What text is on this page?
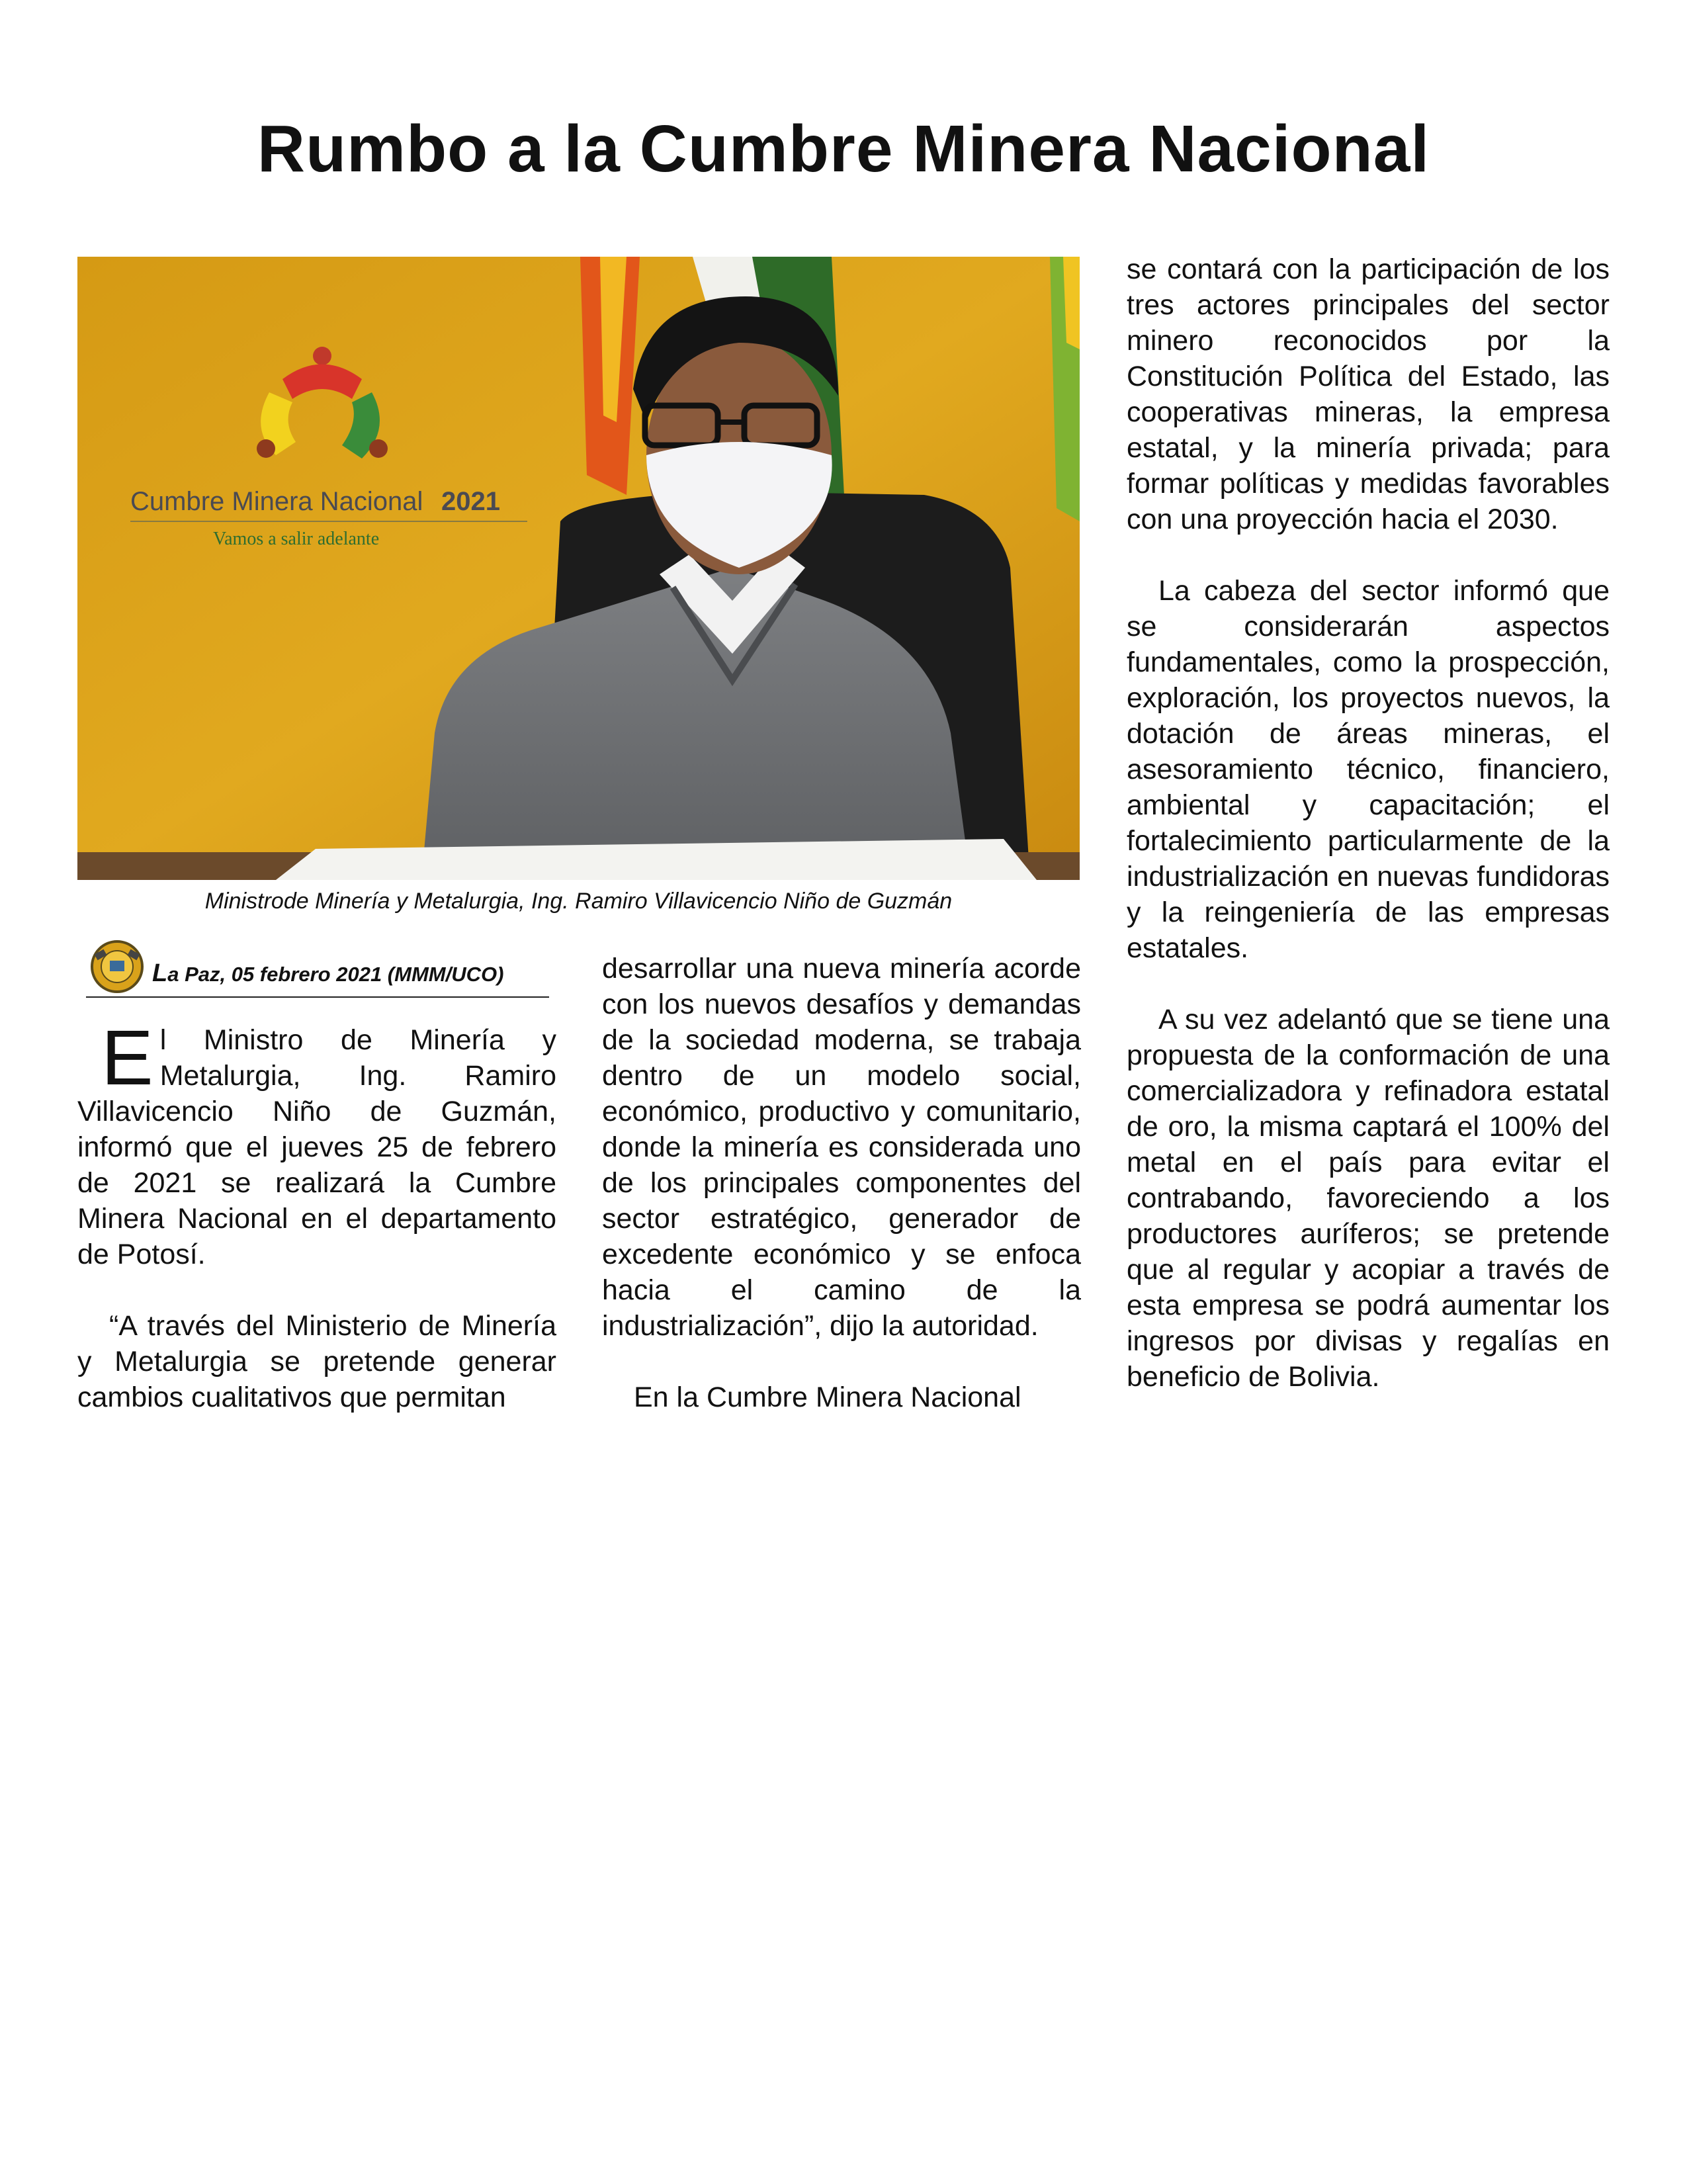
Rumbo a la Cumbre Minera Nacional
Cumbre Minera Nacional 2021
Vamos a salir adelante
Ministrode Minería y Metalurgia, Ing. Ramiro Villavicencio Niño de Guzmán
La Paz, 05 febrero 2021 (MMM/UCO)

El Ministro de Minería y Metalurgia, Ing. Ramiro Villavicencio Niño de Guzmán, informó que el jueves 25 de febrero de 2021 se realizará la Cumbre Minera Nacional en el departamento de Potosí.

“A través del Ministerio de Minería y Metalurgia se pretende generar cambios cualitativos que permitan

desarrollar una nueva minería acorde con los nuevos desafíos y demandas de la sociedad moderna, se trabaja dentro de un modelo social, económico, productivo y comunitario, donde la minería es considerada uno de los principales componentes del sector estratégico, generador de excedente económico y se enfoca hacia el camino de la industrialización”, dijo la autoridad.

En la Cumbre Minera Nacional

se contará con la participación de los tres actores principales del sector minero reconocidos por la Constitución Política del Estado, las cooperativas mineras, la empresa estatal, y la minería privada; para formar políticas y medidas favorables con una proyección hacia el 2030.

La cabeza del sector informó que se considerarán aspectos fundamentales, como la prospección, exploración, los proyectos nuevos, la dotación de áreas mineras, el asesoramiento técnico, financiero, ambiental y capacitación; el fortalecimiento particularmente de la industrialización en nuevas fundidoras y la reingeniería de las empresas estatales.

A su vez adelantó que se tiene una propuesta de la conformación de una comercializadora y refinadora estatal de oro, la misma captará el 100% del metal en el país para evitar el contrabando, favoreciendo a los productores auríferos; se pretende que al regular y acopiar a través de esta empresa se podrá aumentar los ingresos por divisas y regalías en beneficio de Bolivia.
